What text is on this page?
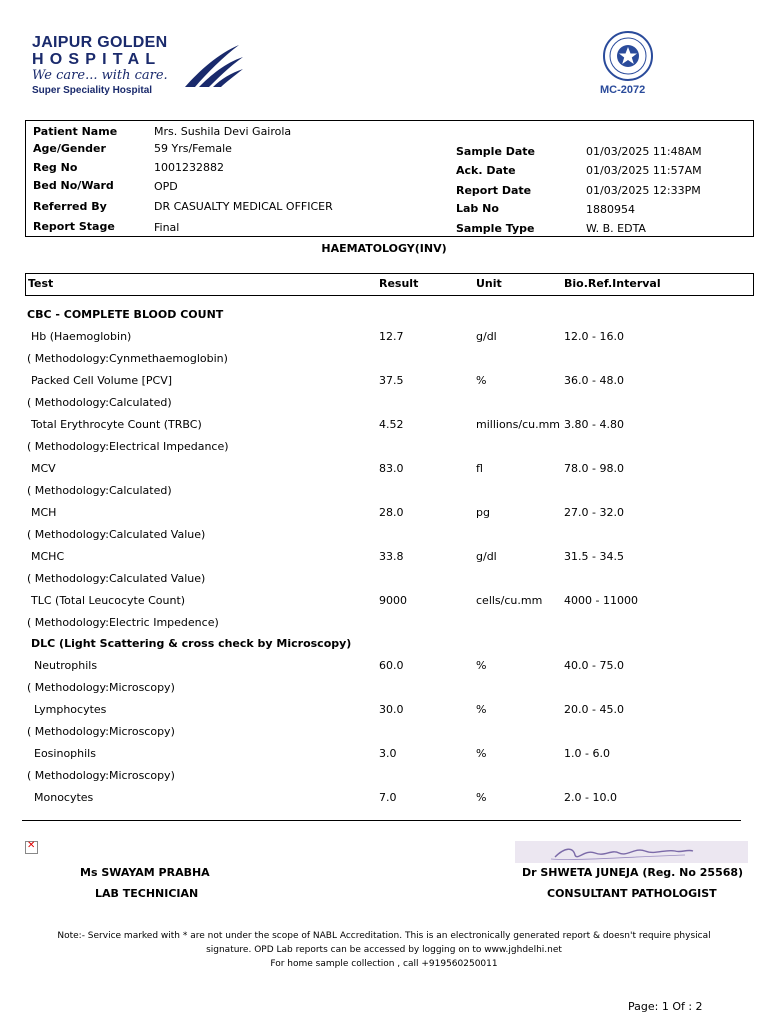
JAIPUR GOLDEN
HOSPITAL
We care... with care.
Super Speciality Hospital	MC-2072
Patient Name	Mrs. Sushila Devi Gairola
Age/Gender	59 Yrs/Female
Reg No	1001232882
Bed No/Ward	OPD
Referred By	DR CASUALTY MEDICAL OFFICER
Report Stage	Final
Sample Date	01/03/2025 11:48AM
Ack. Date	01/03/2025 11:57AM
Report Date	01/03/2025 12:33PM
Lab No	1880954
Sample Type	W. B. EDTA
HAEMATOLOGY(INV)
Test	Result	Unit	Bio.Ref.Interval
CBC - COMPLETE BLOOD COUNT
Hb (Haemoglobin)	12.7	g/dl	12.0 - 16.0
( Methodology:Cynmethaemoglobin)
Packed Cell Volume [PCV]	37.5	%	36.0 - 48.0
( Methodology:Calculated)
Total Erythrocyte Count (TRBC)	4.52	millions/cu.mm 3.80 - 4.80
( Methodology:Electrical Impedance)
MCV	83.0	fl	78.0 - 98.0
( Methodology:Calculated)
MCH	28.0	pg	27.0 - 32.0
( Methodology:Calculated Value)
MCHC	33.8	g/dl	31.5 - 34.5
( Methodology:Calculated Value)
TLC (Total Leucocyte Count)	9000	cells/cu.mm 4000 - 11000
( Methodology:Electric Impedence)
DLC (Light Scattering & cross check by Microscopy)
Neutrophils	60.0	%	40.0 - 75.0
( Methodology:Microscopy)
Lymphocytes	30.0	%	20.0 - 45.0
( Methodology:Microscopy)
Eosinophils	3.0	%	1.0 - 6.0
( Methodology:Microscopy)
Monocytes	7.0	%	2.0 - 10.0
✕
Ms SWAYAM PRABHA
LAB TECHNICIAN
Dr SHWETA JUNEJA (Reg. No 25568)
CONSULTANT PATHOLOGIST
Note:- Service marked with * are not under the scope of NABL Accreditation. This is an electronically generated report & doesn't require physical
signature. OPD Lab reports can be accessed by logging on to www.jghdelhi.net
For home sample collection , call +919560250011
Page: 1 Of : 2
